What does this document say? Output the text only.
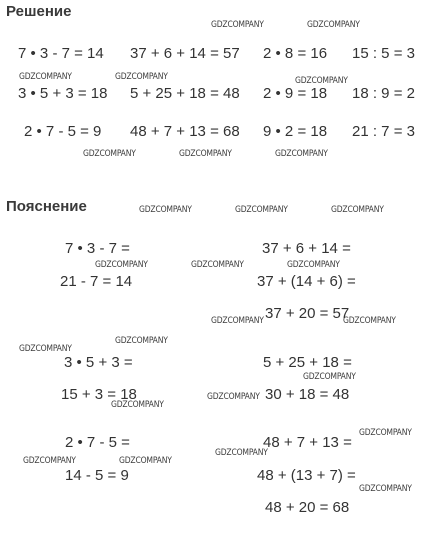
Решение
Пояснение
7 • 3 - 7 = 14 37 + 6 + 14 = 57 2 • 8 = 16 15 : 5 = 3
3 • 5 + 3 = 18 5 + 25 + 18 = 48 2 • 9 = 18 18 : 9 = 2
2 • 7 - 5 = 9 48 + 7 + 13 = 68 9 • 2 = 18 21 : 7 = 3
7 • 3 - 7 =
21 - 7 = 14
3 • 5 + 3 =
15 + 3 = 18
2 • 7 - 5 =
14 - 5 = 9
37 + 6 + 14 =
37 + (14 + 6) =
37 + 20 = 57
5 + 25 + 18 =
30 + 18 = 48
48 + 7 + 13 =
48 + (13 + 7) =
48 + 20 = 68
GDZCOMPANY	GDZCOMPANY
GDZCOMPANY	GDZCOMPANY	GDZCOMPANY
GDZCOMPANY	GDZCOMPANY	GDZCOMPANY
GDZCOMPANY	GDZCOMPANY	GDZCOMPANY
GDZCOMPANY	GDZCOMPANY	GDZCOMPANY
GDZCOMPANY	GDZCOMPANY
GDZCOMPANY
GDZCOMPANY
GDZCOMPANY
GDZCOMPANY
GDZCOMPANY
GDZCOMPANY
GDZCOMPANY
GDZCOMPANY	GDZCOMPANY
GDZCOMPANY
